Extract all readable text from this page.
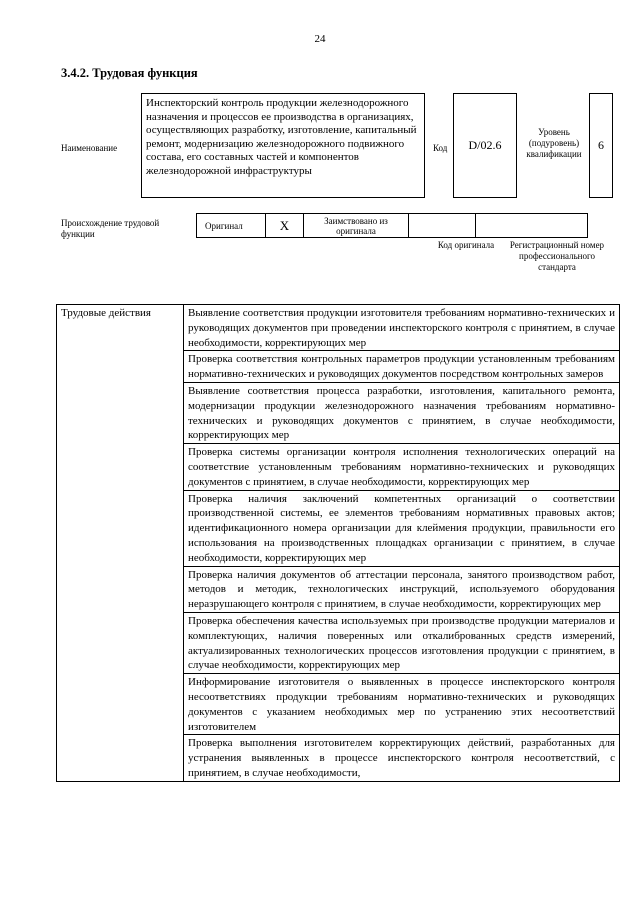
24
3.4.2. Трудовая функция
Наименование
Инспекторский контроль продукции железнодорожного назначения и процессов ее производства в организациях, осуществляющих разработку, изготовление, капитальный ремонт, модернизацию железнодорожного подвижного состава, его составных частей и компонентов железнодорожной инфраструктуры
Код	D/02.6
Уровень (подуровень) квалификации
6
Происхождение трудовой функции
Оригинал	X	Заимствовано из оригинала		
Код оригинала	Регистрационный номер профессионального стандарта
Трудовые действия	Выявление соответствия продукции изготовителя требованиям нормативно-технических и руководящих документов при проведении инспекторского контроля с принятием, в случае необходимости, корректирующих мер
Проверка соответствия контрольных параметров продукции установленным требованиям нормативно-технических и руководящих документов посредством контрольных замеров
Выявление соответствия процесса разработки, изготовления, капитального ремонта, модернизации продукции железнодорожного назначения требованиям нормативно-технических и руководящих документов с принятием, в случае необходимости, корректирующих мер
Проверка системы организации контроля исполнения технологических операций на соответствие установленным требованиям нормативно-технических и руководящих документов с принятием, в случае необходимости, корректирующих мер
Проверка наличия заключений компетентных организаций о соответствии производственной системы, ее элементов требованиям нормативных правовых актов; идентификационного номера организации для клеймения продукции, правильности его использования на производственных площадках организации с принятием, в случае необходимости, корректирующих мер
Проверка наличия документов об аттестации персонала, занятого производством работ, методов и методик, технологических инструкций, используемого оборудования неразрушающего контроля с принятием, в случае необходимости, корректирующих мер
Проверка обеспечения качества используемых при производстве продукции материалов и комплектующих, наличия поверенных или откалиброванных средств измерений, актуализированных технологических процессов изготовления продукции с принятием, в случае необходимости, корректирующих мер
Информирование изготовителя о выявленных в процессе инспекторского контроля несоответствиях продукции требованиям нормативно-технических и руководящих документов с указанием необходимых мер по устранению этих несоответствий изготовителем
Проверка выполнения изготовителем корректирующих действий, разработанных для устранения выявленных в процессе инспекторского контроля несоответствий, с принятием, в случае необходимости,
